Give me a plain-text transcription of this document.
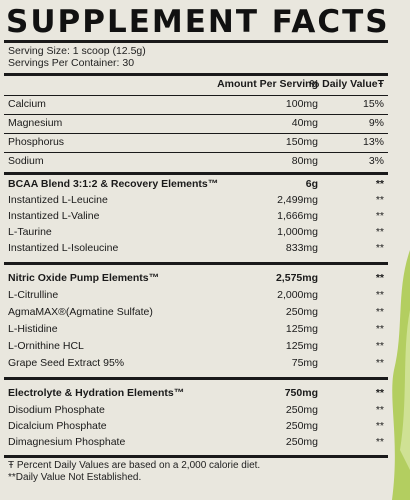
SUPPLEMENT FACTS
Serving Size: 1 scoop (12.5g)
Servings Per Container: 30
Amount Per Serving
% Daily ValueŦ
Calcium	100mg	15%
Magnesium	40mg	9%
Phosphorus	150mg	13%
Sodium	80mg	3%
BCAA Blend 3:1:2 & Recovery Elements™	6g	**
Instantized L-Leucine	2,499mg	**
Instantized L-Valine	1,666mg	**
L-Taurine	1,000mg	**
Instantized L-Isoleucine	833mg	**
Nitric Oxide Pump Elements™	2,575mg	**
L-Citrulline	2,000mg	**
AgmaMAX®(Agmatine Sulfate)	250mg	**
L-Histidine	125mg	**
L-Ornithine HCL	125mg	**
Grape Seed Extract 95%	75mg	**
Electrolyte & Hydration Elements™	750mg	**
Disodium Phosphate	250mg	**
Dicalcium Phosphate	250mg	**
Dimagnesium Phosphate	250mg	**
Ŧ Percent Daily Values are based on a 2,000 calorie diet.
**Daily Value Not Established.
